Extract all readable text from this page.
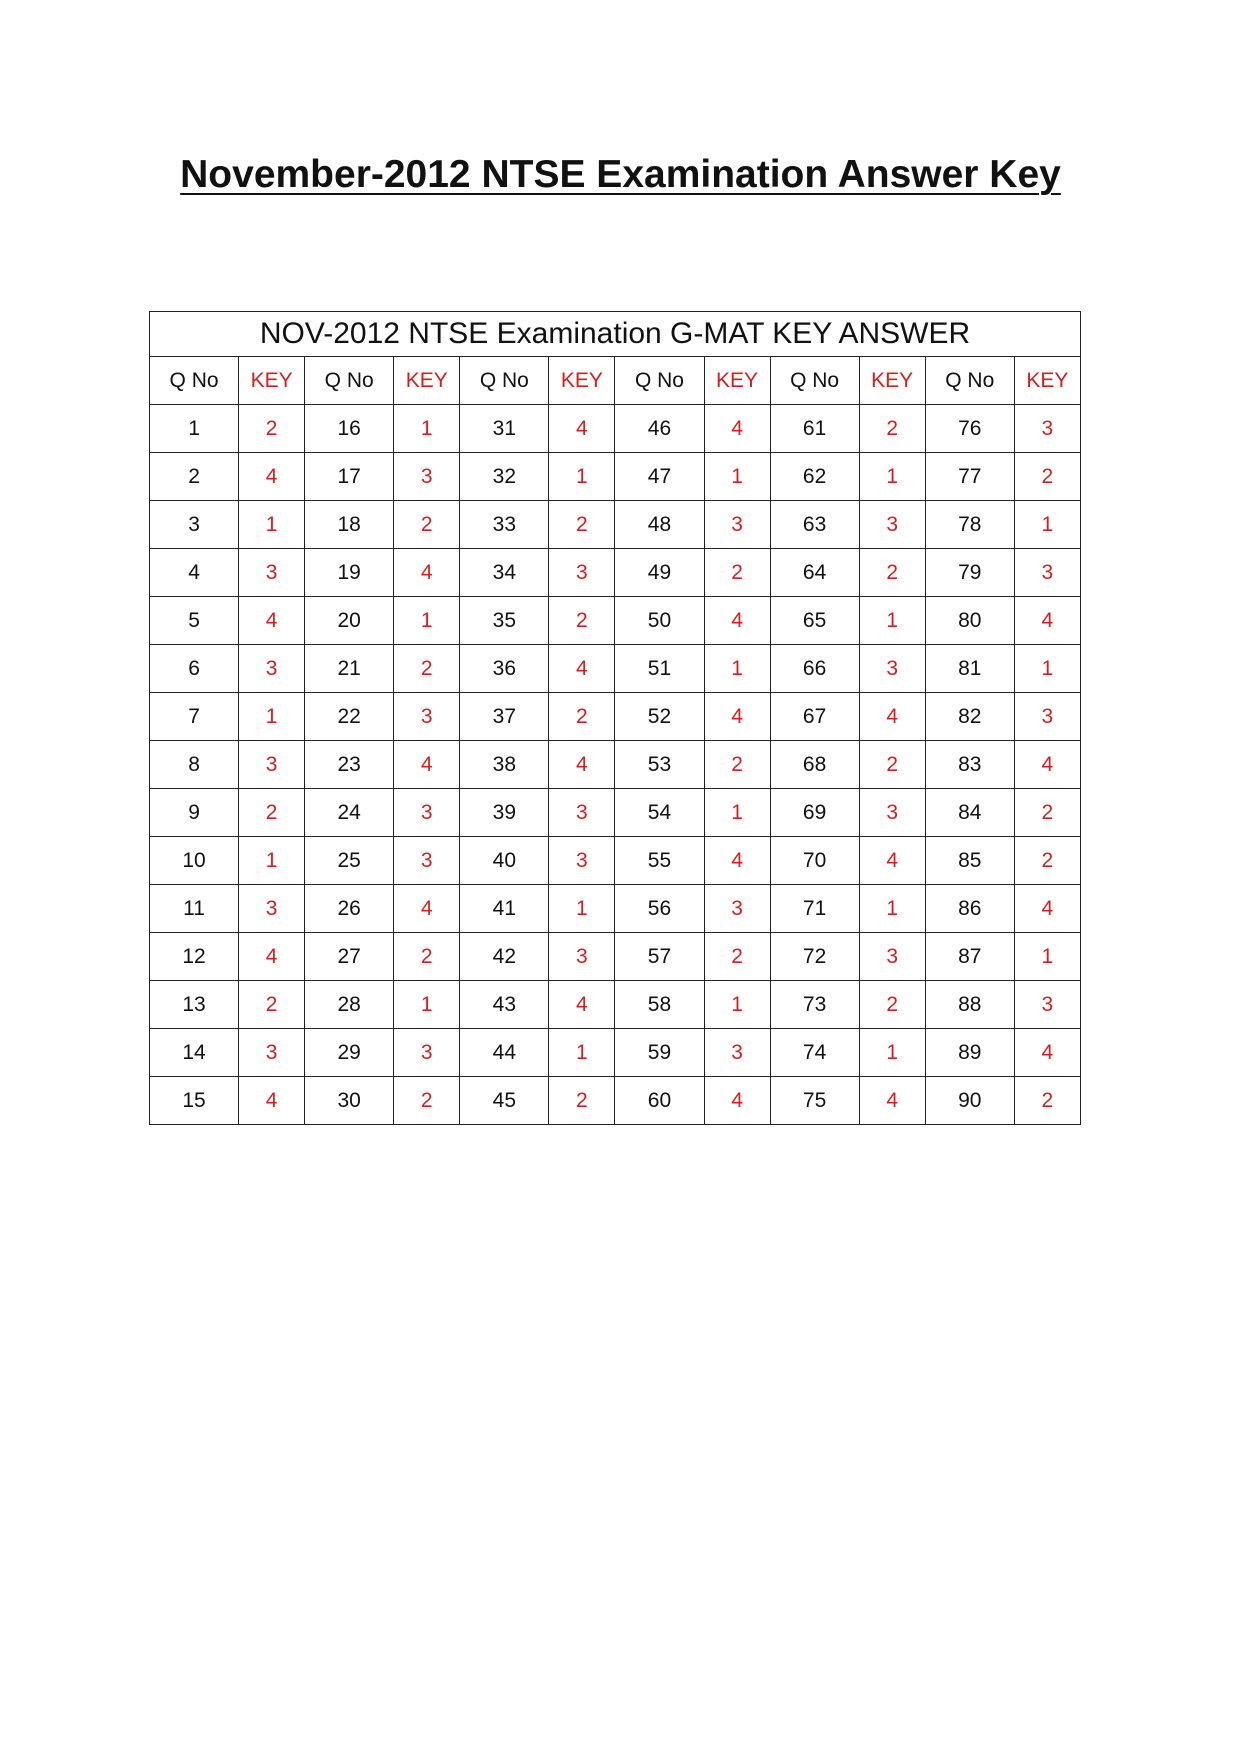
November-2012 NTSE Examination Answer Key
NOV-2012 NTSE Examination G-MAT KEY ANSWER											
Q No	KEY	Q No	KEY	Q No	KEY	Q No	KEY	Q No	KEY	Q No	KEY
1	2	16	1	31	4	46	4	61	2	76	3
2	4	17	3	32	1	47	1	62	1	77	2
3	1	18	2	33	2	48	3	63	3	78	1
4	3	19	4	34	3	49	2	64	2	79	3
5	4	20	1	35	2	50	4	65	1	80	4
6	3	21	2	36	4	51	1	66	3	81	1
7	1	22	3	37	2	52	4	67	4	82	3
8	3	23	4	38	4	53	2	68	2	83	4
9	2	24	3	39	3	54	1	69	3	84	2
10	1	25	3	40	3	55	4	70	4	85	2
11	3	26	4	41	1	56	3	71	1	86	4
12	4	27	2	42	3	57	2	72	3	87	1
13	2	28	1	43	4	58	1	73	2	88	3
14	3	29	3	44	1	59	3	74	1	89	4
15	4	30	2	45	2	60	4	75	4	90	2
